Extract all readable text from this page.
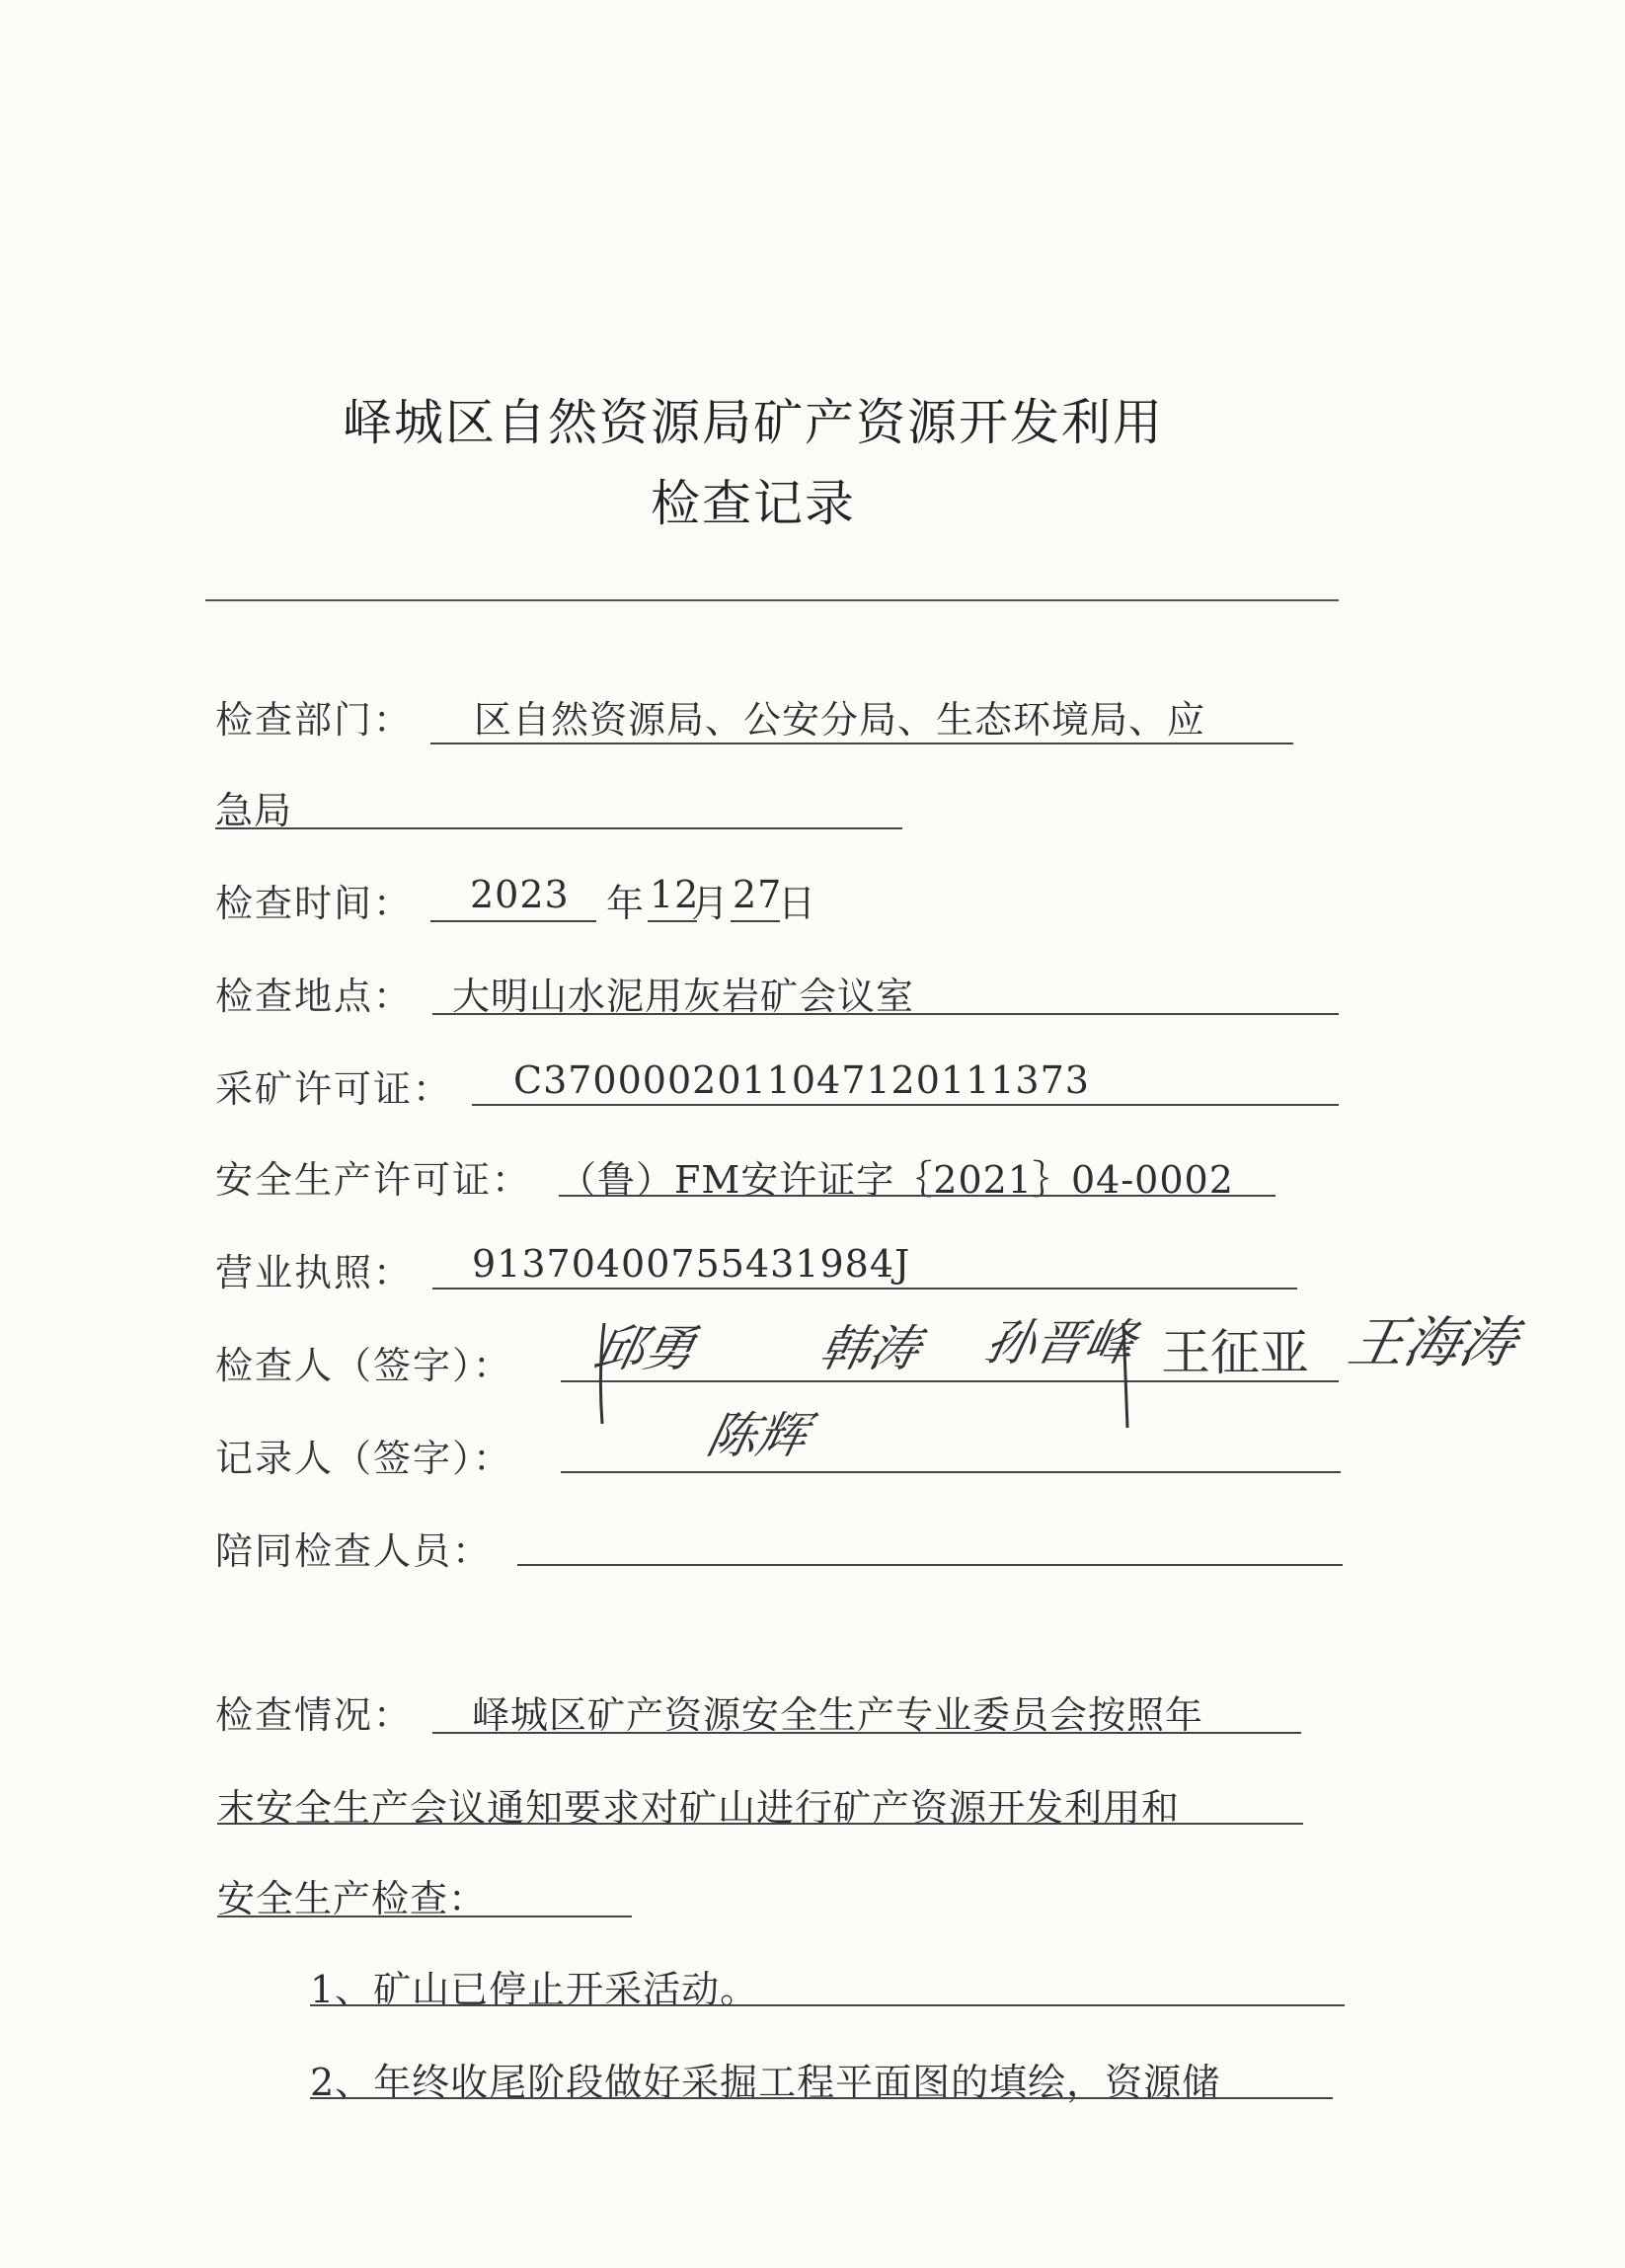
峄城区自然资源局矿产资源开发利用
检查记录
检查部门： 区自然资源局、公安分局、生态环境局、应
急局
检查时间： 2023 年 12
月 27
日
检查地点： 大明山水泥用灰岩矿会议室
采矿许可证： C3700002011047120111373
安全生产许可证： （鲁）FM安许证字｛2021｝04-0002
营业执照： 91370400755431984J
检查人（签字）： 邱勇 韩涛 孙晋峰 王征亚 王海涛
记录人（签字）：	陈辉
陪同检查人员：
检查情况： 峄城区矿产资源安全生产专业委员会按照年
末安全生产会议通知要求对矿山进行矿产资源开发利用和
安全生产检查：
1、矿山已停止开采活动。
2、年终收尾阶段做好采掘工程平面图的填绘，资源储
